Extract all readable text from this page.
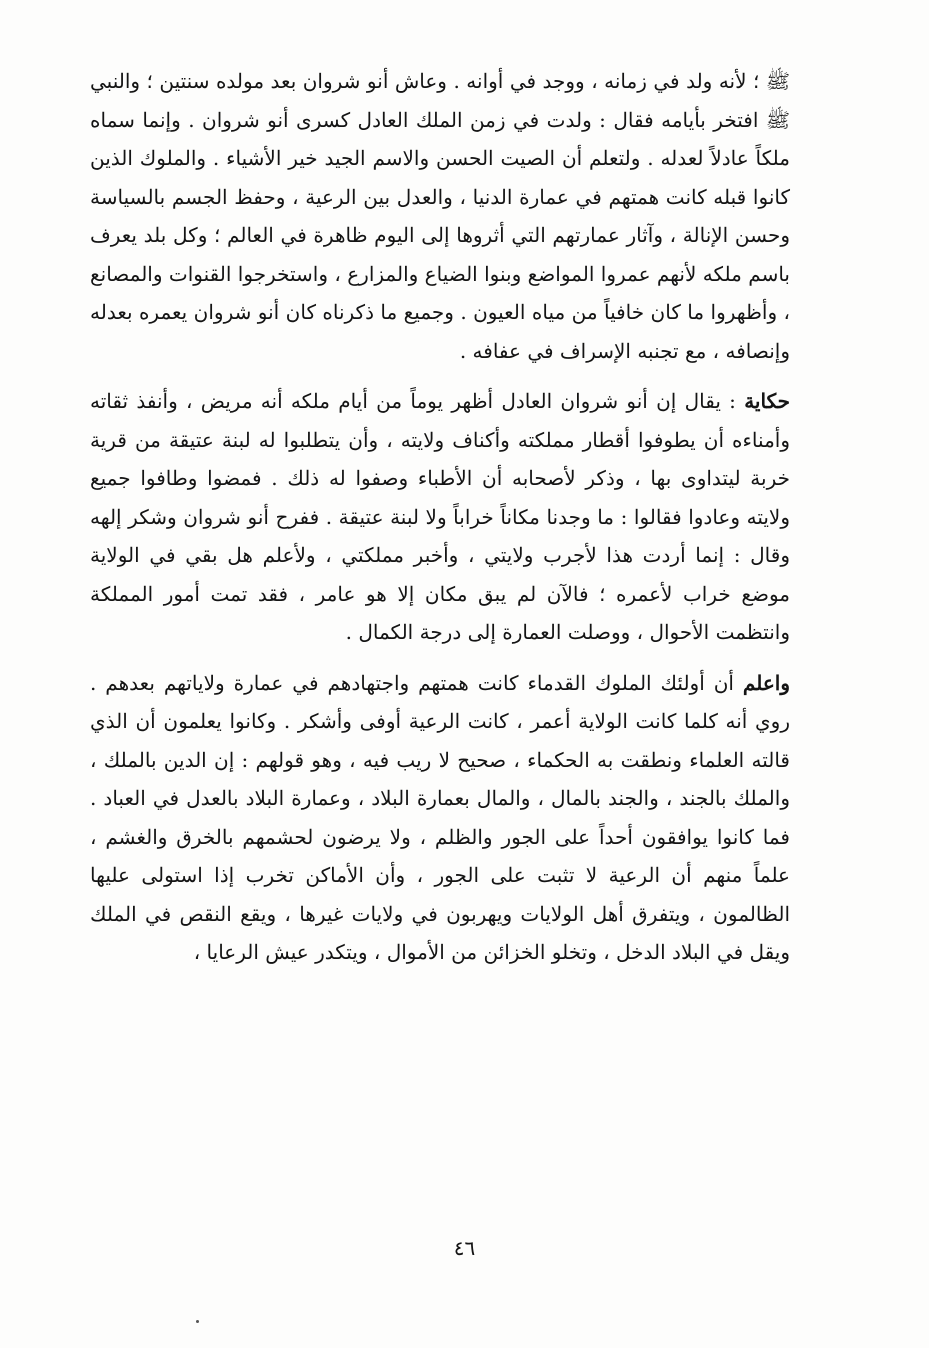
ﷺ ؛ لأنه ولد في زمانه ، ووجد في أوانه . وعاش أنو شروان بعد مولده سنتين ؛ والنبي ﷺ افتخر بأيامه فقال : ولدت في زمن الملك العادل كسرى أنو شروان . وإنما سماه ملكاً عادلاً لعدله . ولتعلم أن الصيت الحسن والاسم الجيد خير الأشياء . والملوك الذين كانوا قبله كانت همتهم في عمارة الدنيا ، والعدل بين الرعية ، وحفظ الجسم بالسياسة وحسن الإنالة ، وآثار عمارتهم التي أثروها إلى اليوم ظاهرة في العالم ؛ وكل بلد يعرف باسم ملكه لأنهم عمروا المواضع وبنوا الضياع والمزارع ، واستخرجوا القنوات والمصانع ، وأظهروا ما كان خافياً من مياه العيون . وجميع ما ذكرناه كان أنو شروان يعمره بعدله وإنصافه ، مع تجنبه الإسراف في عفافه .

حكاية : يقال إن أنو شروان العادل أظهر يوماً من أيام ملكه أنه مريض ، وأنفذ ثقاته وأمناءه أن يطوفوا أقطار مملكته وأكناف ولايته ، وأن يتطلبوا له لبنة عتيقة من قرية خربة ليتداوى بها ، وذكر لأصحابه أن الأطباء وصفوا له ذلك . فمضوا وطافوا جميع ولايته وعادوا فقالوا : ما وجدنا مكاناً خراباً ولا لبنة عتيقة . ففرح أنو شروان وشكر إلهه وقال : إنما أردت هذا لأجرب ولايتي ، وأخبر مملكتي ، ولأعلم هل بقي في الولاية موضع خراب لأعمره ؛ فالآن لم يبق مكان إلا هو عامر ، فقد تمت أمور المملكة وانتظمت الأحوال ، ووصلت العمارة إلى درجة الكمال .

واعلم أن أولئك الملوك القدماء كانت همتهم واجتهادهم في عمارة ولاياتهم بعدهم . روي أنه كلما كانت الولاية أعمر ، كانت الرعية أوفى وأشكر . وكانوا يعلمون أن الذي قالته العلماء ونطقت به الحكماء ، صحيح لا ريب فيه ، وهو قولهم : إن الدين بالملك ، والملك بالجند ، والجند بالمال ، والمال بعمارة البلاد ، وعمارة البلاد بالعدل في العباد . فما كانوا يوافقون أحداً على الجور والظلم ، ولا يرضون لحشمهم بالخرق والغشم ، علماً منهم أن الرعية لا تثبت على الجور ، وأن الأماكن تخرب إذا استولى عليها الظالمون ، ويتفرق أهل الولايات ويهربون في ولايات غيرها ، ويقع النقص في الملك ويقل في البلاد الدخل ، وتخلو الخزائن من الأموال ، ويتكدر عيش الرعايا ،

٤٦
